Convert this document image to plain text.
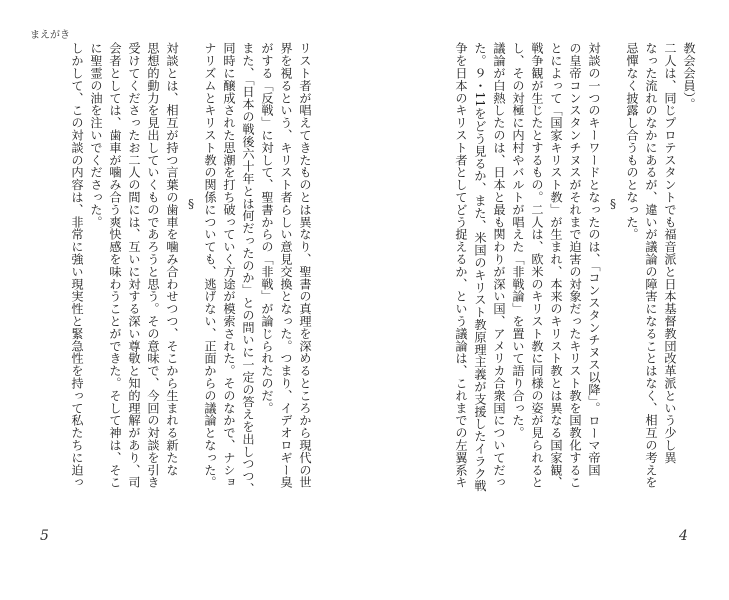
まえがき
教会会員）。
二人は、同じプロテスタントでも福音派と日本基督教団改革派という少し異
なった流れのなかにあるが、違いが議論の障害になることはなく、相互の考えを
忌憚なく披露し合うものとなった。
§
対談の一つのキーワードとなったのは、「コンスタンチヌス以降」。ローマ帝国
の皇帝コンスタンチヌスがそれまで迫害の対象だったキリスト教を国教化するこ
とによって「国家キリスト教」が生まれ、本来のキリスト教とは異なる国家観、
戦争観が生じたとするもの。二人は、欧米のキリスト教に同様の姿が見られると
し、その対極に内村やバルトが唱えた「非戦論」を置いて語り合った。
議論が白熱したのは、日本と最も関わりが深い国、アメリカ合衆国についてだっ
た。９・11をどう見るか、また、米国のキリスト教原理主義が支援したイラク戦
争を日本のキリスト者としてどう捉えるか、という議論は、これまでの左翼系キ
リスト者が唱えてきたものとは異なり、聖書の真理を深めるところから現代の世
界を視るという、キリスト者らしい意見交換となった。つまり、イデオロギー臭
がする「反戦」に対して、聖書からの「非戦」が論じられたのだ。
また、「日本の戦後六十年とは何だったのか」との問いに一定の答えを出しつつ、
同時に醸成された思潮を打ち破っていく方途が模索された。そのなかで、ナショ
ナリズムとキリスト教の関係についても、逃げない、正面からの議論となった。
§
対談とは、相互が持つ言葉の歯車を噛み合わせつつ、そこから生まれる新たな
思想的動力を見出していくものであろうと思う。その意味で、今回の対談を引き
受けてくださったお二人の間には、互いに対する深い尊敬と知的理解があり、司
会者としては、歯車が噛み合う爽快感を味わうことができた。そして神は、そこ
に聖霊の油を注いでくださった。
しかして、この対談の内容は、非常に強い現実性と緊急性を持って私たちに迫っ
5	4
